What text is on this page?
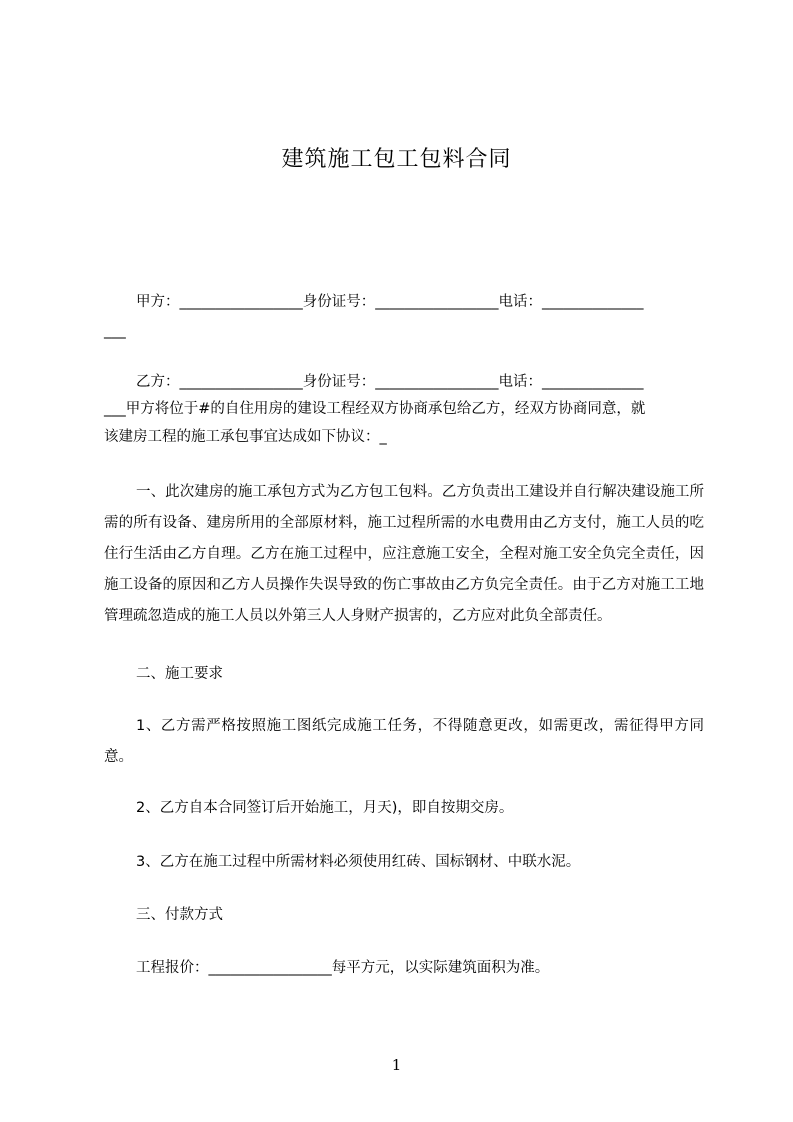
建筑施工包工包料合同
甲方：_________________身份证号：_________________电话：______________
___
乙方：_________________身份证号：_________________电话：______________
___甲方将位于#的自住用房的建设工程经双方协商承包给乙方，经双方协商同意，就
该建房工程的施工承包事宜达成如下协议：_
一、此次建房的施工承包方式为乙方包工包料。乙方负责出工建设并自行解决建设施工所需的所有设备、建房所用的全部原材料，施工过程所需的水电费用由乙方支付，施工人员的吃住行生活由乙方自理。乙方在施工过程中，应注意施工安全，全程对施工安全负完全责任，因施工设备的原因和乙方人员操作失误导致的伤亡事故由乙方负完全责任。由于乙方对施工工地管理疏忽造成的施工人员以外第三人人身财产损害的，乙方应对此负全部责任。
二、施工要求
1、乙方需严格按照施工图纸完成施工任务，不得随意更改，如需更改，需征得甲方同意。
2、乙方自本合同签订后开始施工，月天)，即自按期交房。
3、乙方在施工过程中所需材料必须使用红砖、国标钢材、中联水泥。
三、付款方式
工程报价：_________________每平方元，以实际建筑面积为准。
1
